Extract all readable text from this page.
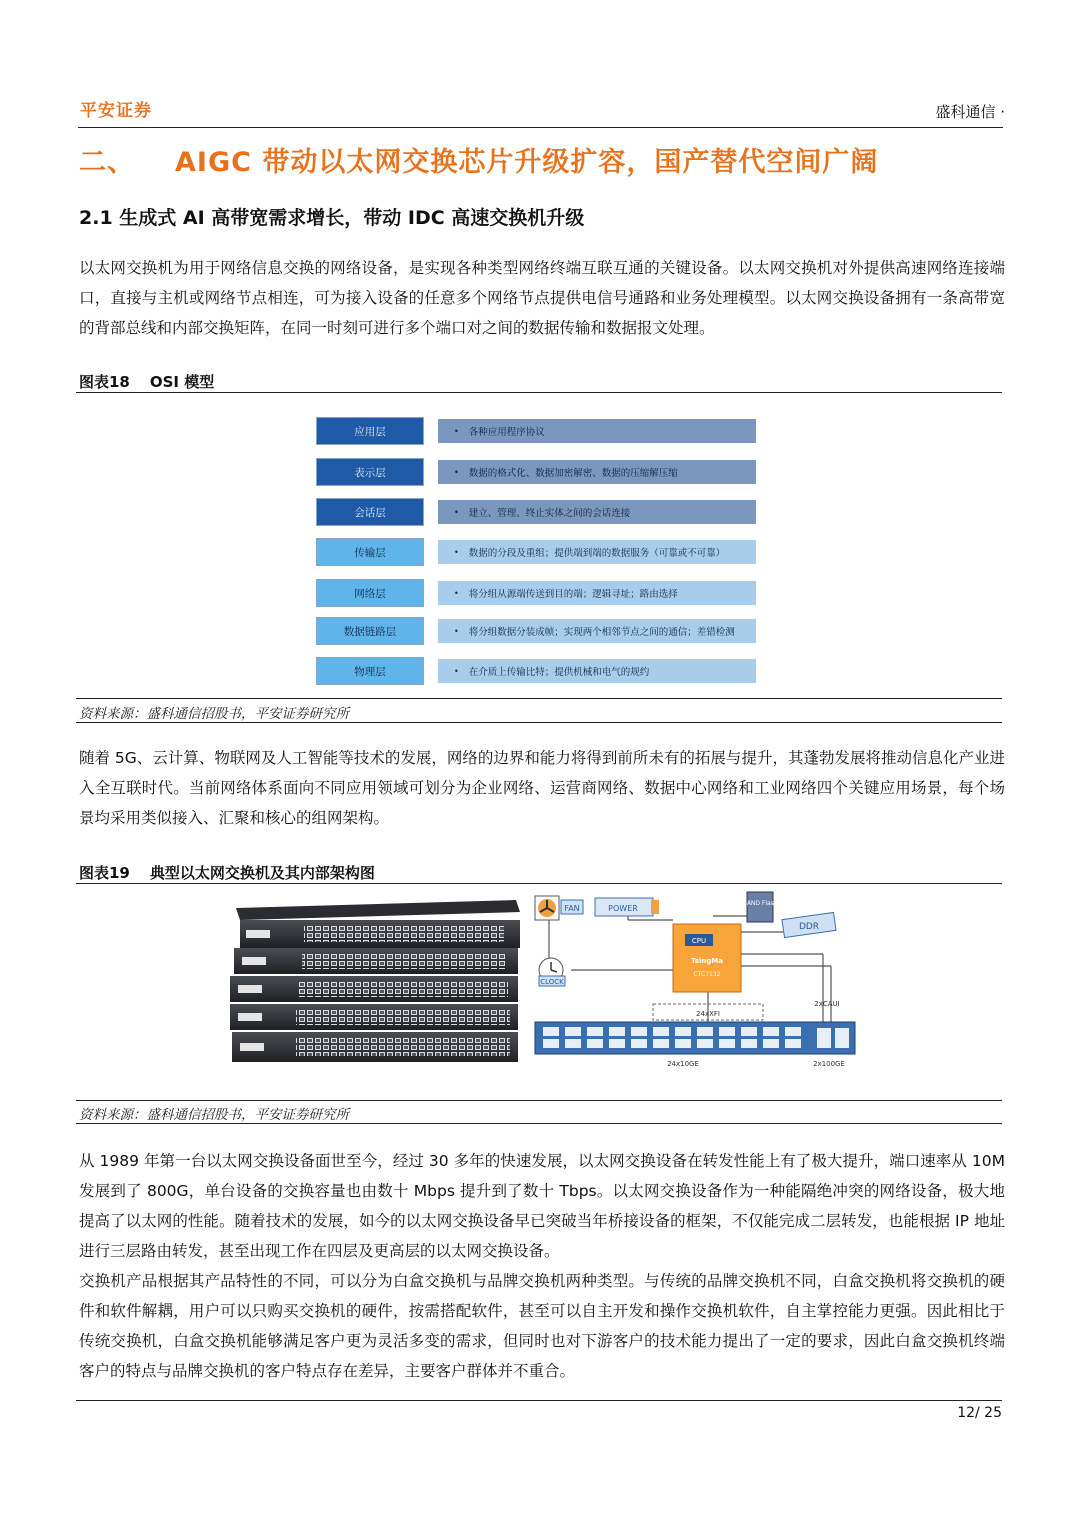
平安证券	盛科通信 ·
二、 AIGC 带动以太网交换芯片升级扩容，国产替代空间广阔
2.1 生成式 AI 高带宽需求增长，带动 IDC 高速交换机升级
以太网交换机为用于网络信息交换的网络设备，是实现各种类型网络终端互联互通的关键设备。以太网交换机对外提供高速网络连接端口，直接与主机或网络节点相连，可为接入设备的任意多个网络节点提供电信号通路和业务处理模型。以太网交换设备拥有一条高带宽的背部总线和内部交换矩阵，在同一时刻可进行多个端口对之间的数据传输和数据报文处理。
图表18 OSI 模型
应用层	• 各种应用程序协议
表示层	• 数据的格式化、数据加密解密、数据的压缩解压缩
会话层	• 建立、管理、终止实体之间的会话连接
传输层	• 数据的分段及重组；提供端到端的数据服务（可靠或不可靠）
网络层	• 将分组从源端传送到目的端；逻辑寻址；路由选择
数据链路层	• 将分组数据分装成帧；实现两个相邻节点之间的通信；差错检测
物理层	• 在介质上传输比特；提供机械和电气的规约
资料来源：盛科通信招股书，平安证券研究所
随着 5G、云计算、物联网及人工智能等技术的发展，网络的边界和能力将得到前所未有的拓展与提升，其蓬勃发展将推动信息化产业进入全互联时代。当前网络体系面向不同应用领域可划分为企业网络、运营商网络、数据中心网络和工业网络四个关键应用场景，每个场景均采用类似接入、汇聚和核心的组网架构。
图表19 典型以太网交换机及其内部架构图
FAN	POWER
NAND Flash
DDR
CPU
TsingMa
CTC7132
CLOCK
24xXFI
2xCAUI
24x10GE	2x100GE
资料来源：盛科通信招股书，平安证券研究所
从 1989 年第一台以太网交换设备面世至今，经过 30 多年的快速发展，以太网交换设备在转发性能上有了极大提升，端口速率从 10M 发展到了 800G，单台设备的交换容量也由数十 Mbps 提升到了数十 Tbps。以太网交换设备作为一种能隔绝冲突的网络设备，极大地提高了以太网的性能。随着技术的发展，如今的以太网交换设备早已突破当年桥接设备的框架，不仅能完成二层转发，也能根据 IP 地址进行三层路由转发，甚至出现工作在四层及更高层的以太网交换设备。
交换机产品根据其产品特性的不同，可以分为白盒交换机与品牌交换机两种类型。与传统的品牌交换机不同，白盒交换机将交换机的硬件和软件解耦，用户可以只购买交换机的硬件，按需搭配软件，甚至可以自主开发和操作交换机软件，自主掌控能力更强。因此相比于传统交换机，白盒交换机能够满足客户更为灵活多变的需求，但同时也对下游客户的技术能力提出了一定的要求，因此白盒交换机终端客户的特点与品牌交换机的客户特点存在差异，主要客户群体并不重合。
12/ 25
